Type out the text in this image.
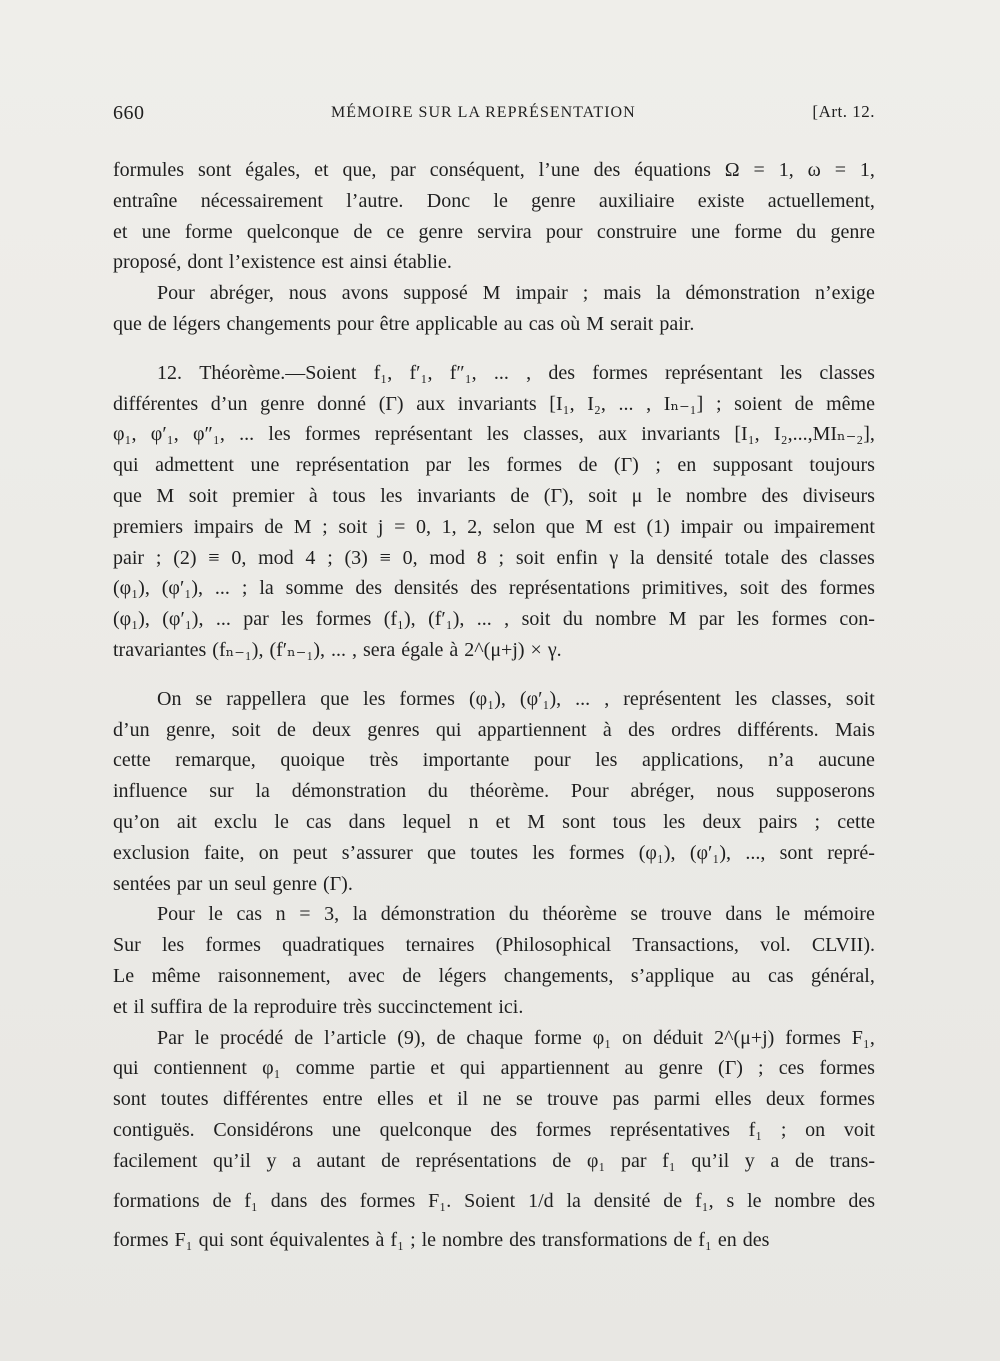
660	MÉMOIRE SUR LA REPRÉSENTATION	[Art. 12.
formules sont égales, et que, par conséquent, l’une des équations Ω = 1, ω = 1,
entraîne nécessairement l’autre. Donc le genre auxiliaire existe actuellement,
et une forme quelconque de ce genre servira pour construire une forme du genre
proposé, dont l’existence est ainsi établie.
Pour abréger, nous avons supposé M impair ; mais la démonstration n’exige
que de légers changements pour être applicable au cas où M serait pair.
12. Théorème.—Soient f₁, f′₁, f″₁, ... , des formes représentant les classes
différentes d’un genre donné (Γ) aux invariants [I₁, I₂, ... , Iₙ₋₁] ; soient de même
φ₁, φ′₁, φ″₁, ... les formes représentant les classes, aux invariants [I₁, I₂,...,MIₙ₋₂],
qui admettent une représentation par les formes de (Γ) ; en supposant toujours
que M soit premier à tous les invariants de (Γ), soit μ le nombre des diviseurs
premiers impairs de M ; soit j = 0, 1, 2, selon que M est (1) impair ou impairement
pair ; (2) ≡ 0, mod 4 ; (3) ≡ 0, mod 8 ; soit enfin γ la densité totale des classes
(φ₁), (φ′₁), ... ; la somme des densités des représentations primitives, soit des formes
(φ₁), (φ′₁), ... par les formes (f₁), (f′₁), ... , soit du nombre M par les formes con-
travariantes (fₙ₋₁), (f′ₙ₋₁), ... , sera égale à 2^(μ+j) × γ.
On se rappellera que les formes (φ₁), (φ′₁), ... , représentent les classes, soit
d’un genre, soit de deux genres qui appartiennent à des ordres différents. Mais
cette remarque, quoique très importante pour les applications, n’a aucune
influence sur la démonstration du théorème. Pour abréger, nous supposerons
qu’on ait exclu le cas dans lequel n et M sont tous les deux pairs ; cette
exclusion faite, on peut s’assurer que toutes les formes (φ₁), (φ′₁), ..., sont repré-
sentées par un seul genre (Γ).
Pour le cas n = 3, la démonstration du théorème se trouve dans le mémoire
Sur les formes quadratiques ternaires (Philosophical Transactions, vol. CLVII).
Le même raisonnement, avec de légers changements, s’applique au cas général,
et il suffira de la reproduire très succinctement ici.
Par le procédé de l’article (9), de chaque forme φ₁ on déduit 2^(μ+j) formes F₁,
qui contiennent φ₁ comme partie et qui appartiennent au genre (Γ) ; ces formes
sont toutes différentes entre elles et il ne se trouve pas parmi elles deux formes
contiguës. Considérons une quelconque des formes représentatives f₁ ; on voit
facilement qu’il y a autant de représentations de φ₁ par f₁ qu’il y a de trans-
formations de f₁ dans des formes F₁. Soient 1/d la densité de f₁, s le nombre des
formes F₁ qui sont équivalentes à f₁ ; le nombre des transformations de f₁ en des
